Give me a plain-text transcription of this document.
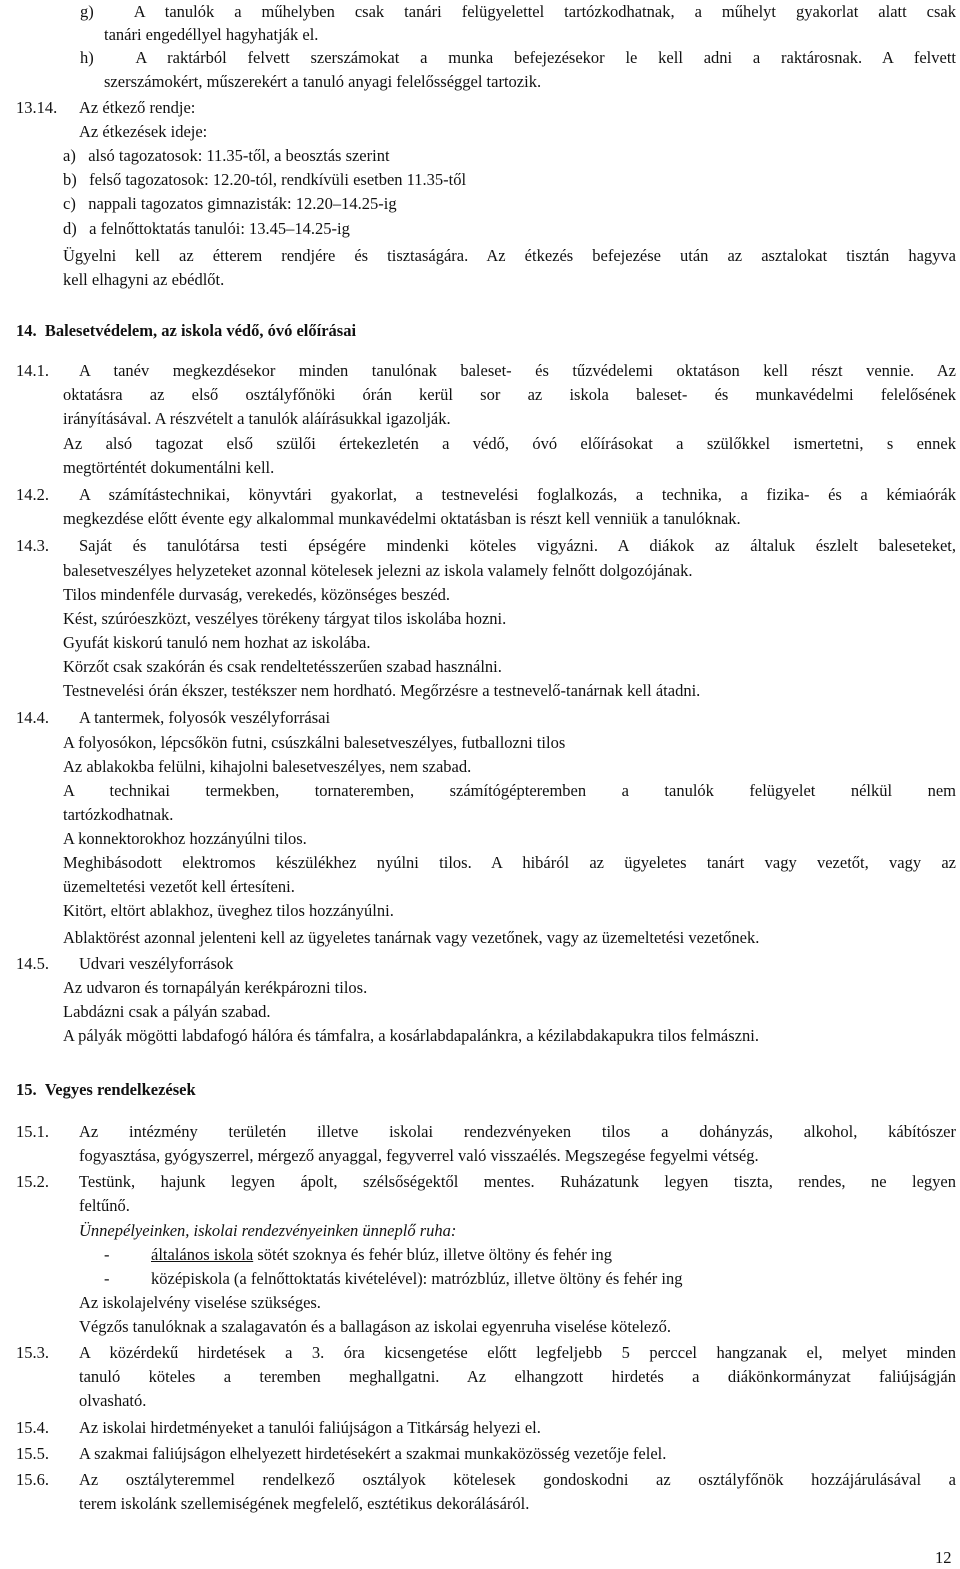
13.14.
14.1.
14.2.
14.3.
14.4.
14.5.
15.1.
15.2.
15.3.
15.4.
15.5.
15.6.
g)  A tanulók a műhelyben csak tanári felügyelettel tartózkodhatnak, a műhelyt gyakorlat alatt csak
tanári engedéllyel hagyhatják el.
h)  A raktárból felvett szerszámokat a munka befejezésekor le kell adni a raktárosnak. A felvett
szerszámokért, műszerekért a tanuló anyagi felelősséggel tartozik.
Az étkező rendje:
Az étkezések ideje:
a)   alsó tagozatosok: 11.35-től, a beosztás szerint
b)   felső tagozatosok: 12.20-tól, rendkívüli esetben 11.35-től
c)   nappali tagozatos gimnazisták: 12.20–14.25-ig
d)   a felnőttoktatás tanulói: 13.45–14.25-ig
Ügyelni kell az étterem rendjére és tisztaságára. Az étkezés befejezése után az asztalokat tisztán hagyva
kell elhagyni az ebédlőt.
A tanév megkezdésekor minden tanulónak baleset- és tűzvédelemi oktatáson kell részt vennie. Az
oktatásra az első osztályfőnöki órán kerül sor az iskola baleset- és munkavédelmi felelősének
irányításával. A részvételt a tanulók aláírásukkal igazolják.
Az alsó tagozat első szülői értekezletén a védő, óvó előírásokat a szülőkkel ismertetni, s ennek
megtörténtét dokumentálni kell.
A számítástechnikai, könyvtári gyakorlat, a testnevelési foglalkozás, a technika, a fizika- és a kémiaórák
megkezdése előtt évente egy alkalommal munkavédelmi oktatásban is részt kell venniük a tanulóknak.
Saját és tanulótársa testi épségére mindenki köteles vigyázni. A diákok az általuk észlelt baleseteket,
balesetveszélyes helyzeteket azonnal kötelesek jelezni az iskola valamely felnőtt dolgozójának.
Tilos mindenféle durvaság, verekedés, közönséges beszéd.
Kést, szúróeszközt, veszélyes törékeny tárgyat tilos iskolába hozni.
Gyufát kiskorú tanuló nem hozhat az iskolába.
Körzőt csak szakórán és csak rendeltetésszerűen szabad használni.
Testnevelési órán ékszer, testékszer nem hordható. Megőrzésre a testnevelő-tanárnak kell átadni.
A tantermek, folyosók veszélyforrásai
A folyosókon, lépcsőkön futni, csúszkálni balesetveszélyes, futballozni tilos
Az ablakokba felülni, kihajolni balesetveszélyes, nem szabad.
A technikai termekben, tornateremben, számítógépteremben a tanulók felügyelet nélkül nem
tartózkodhatnak.
A konnektorokhoz hozzányúlni tilos.
Meghibásodott elektromos készülékhez nyúlni tilos. A hibáról az ügyeletes tanárt vagy vezetőt, vagy az
üzemeltetési vezetőt kell értesíteni.
Kitört, eltört ablakhoz, üveghez tilos hozzányúlni.
Ablaktörést azonnal jelenteni kell az ügyeletes tanárnak vagy vezetőnek, vagy az üzemeltetési vezetőnek.
Udvari veszélyforrások
Az udvaron és tornapályán kerékpározni tilos.
Labdázni csak a pályán szabad.
A pályák mögötti labdafogó hálóra és támfalra, a kosárlabdapalánkra, a kézilabdakapukra tilos felmászni.
Az intézmény területén illetve iskolai rendezvényeken tilos a dohányzás, alkohol, kábítószer
fogyasztása, gyógyszerrel, mérgező anyaggal, fegyverrel való visszaélés. Megszegése fegyelmi vétség.
Testünk, hajunk legyen ápolt, szélsőségektől mentes. Ruházatunk legyen tiszta, rendes, ne legyen
feltűnő.
Az iskolajelvény viselése szükséges.
Végzős tanulóknak a szalagavatón és a ballagáson az iskolai egyenruha viselése kötelező.
A közérdekű hirdetések a 3. óra kicsengetése előtt legfeljebb 5 perccel hangzanak el, melyet minden
tanuló köteles a teremben meghallgatni. Az elhangzott hirdetés a diákönkormányzat faliújságján
olvasható.
Az iskolai hirdetményeket a tanulói faliújságon a Titkárság helyezi el.
A szakmai faliújságon elhelyezett hirdetésekért a szakmai munkaközösség vezetője felel.
Az osztályteremmel rendelkező osztályok kötelesek gondoskodni az osztályfőnök hozzájárulásával a
terem iskolánk szellemiségének megfelelő, esztétikus dekorálásáról.
14.  Balesetvédelem, az iskola védő, óvó előírásai
15.  Vegyes rendelkezések
Ünnepélyeinken, iskolai rendezvényeinken ünneplő ruha:
-	általános iskola sötét szoknya és fehér blúz, illetve öltöny és fehér ing
-	középiskola (a felnőttoktatás kivételével): matrózblúz, illetve öltöny és fehér ing
12
